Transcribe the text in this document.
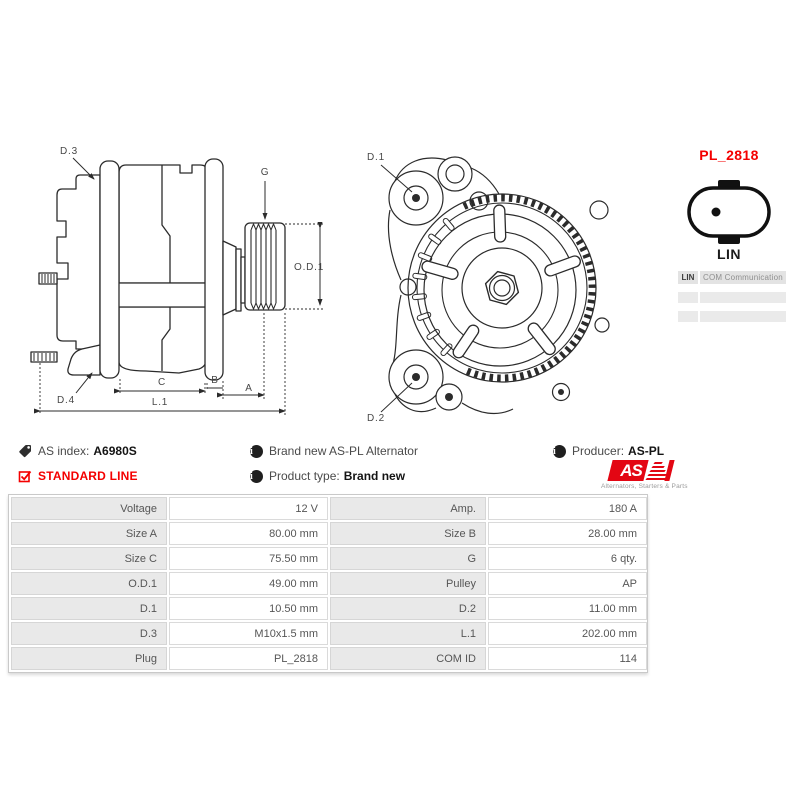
D.3
G
O.D.1
D.4
C	B
A
L.1
D.1
D.2
PL_2818
LIN
LIN	COM Communication
AS index: A6980S	i	Brand new AS-PL Alternator	i	Producer: AS-PL
STANDARD LINE	i	Product type: Brand new	AS
Alternators, Starters & Parts
Voltage	12 V	Amp.	180 A
Size A	80.00 mm	Size B	28.00 mm
Size C	75.50 mm	G	6 qty.
O.D.1	49.00 mm	Pulley	AP
D.1	10.50 mm	D.2	11.00 mm
D.3	M10x1.5 mm	L.1	202.00 mm
Plug	PL_2818	COM ID	114
